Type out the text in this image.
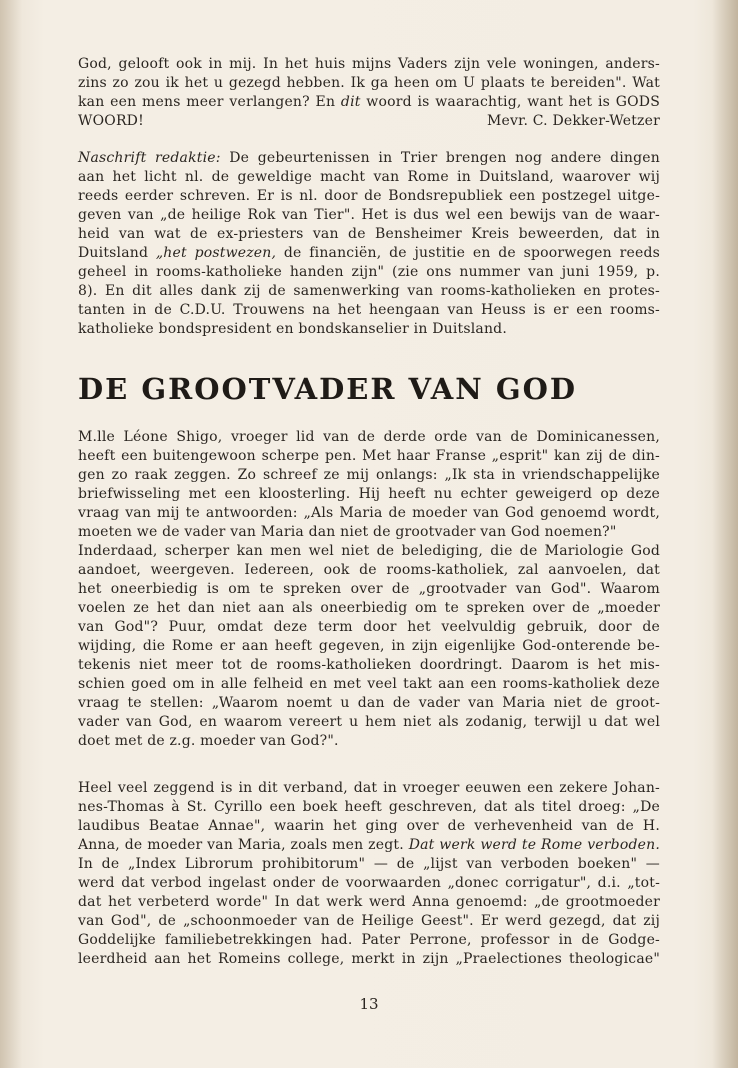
God, gelooft ook in mij. In het huis mijns Vaders zijn vele woningen, anders-
zins zo zou ik het u gezegd hebben. Ik ga heen om U plaats te bereiden". Wat
kan een mens meer verlangen? En dit woord is waarachtig, want het is GODS
WOORD!	Mevr. C. Dekker-Wetzer
Naschrift redaktie: De gebeurtenissen in Trier brengen nog andere dingen
aan het licht nl. de geweldige macht van Rome in Duitsland, waarover wij
reeds eerder schreven. Er is nl. door de Bondsrepubliek een postzegel uitge-
geven van „de heilige Rok van Tier". Het is dus wel een bewijs van de waar-
heid van wat de ex-priesters van de Bensheimer Kreis beweerden, dat in
Duitsland „het postwezen, de financiën, de justitie en de spoorwegen reeds
geheel in rooms-katholieke handen zijn" (zie ons nummer van juni 1959, p.
8). En dit alles dank zij de samenwerking van rooms-katholieken en protes-
tanten in de C.D.U. Trouwens na het heengaan van Heuss is er een rooms-
katholieke bondspresident en bondskanselier in Duitsland.
DE GROOTVADER VAN GOD
M.lle Léone Shigo, vroeger lid van de derde orde van de Dominicanessen,
heeft een buitengewoon scherpe pen. Met haar Franse „esprit" kan zij de din-
gen zo raak zeggen. Zo schreef ze mij onlangs: „Ik sta in vriendschappelijke
briefwisseling met een kloosterling. Hij heeft nu echter geweigerd op deze
vraag van mij te antwoorden: „Als Maria de moeder van God genoemd wordt,
moeten we de vader van Maria dan niet de grootvader van God noemen?"
Inderdaad, scherper kan men wel niet de belediging, die de Mariologie God
aandoet, weergeven. Iedereen, ook de rooms-katholiek, zal aanvoelen, dat
het oneerbiedig is om te spreken over de „grootvader van God". Waarom
voelen ze het dan niet aan als oneerbiedig om te spreken over de „moeder
van God"? Puur, omdat deze term door het veelvuldig gebruik, door de
wijding, die Rome er aan heeft gegeven, in zijn eigenlijke God-onterende be-
tekenis niet meer tot de rooms-katholieken doordringt. Daarom is het mis-
schien goed om in alle felheid en met veel takt aan een rooms-katholiek deze
vraag te stellen: „Waarom noemt u dan de vader van Maria niet de groot-
vader van God, en waarom vereert u hem niet als zodanig, terwijl u dat wel
doet met de z.g. moeder van God?".
Heel veel zeggend is in dit verband, dat in vroeger eeuwen een zekere Johan-
nes-Thomas à St. Cyrillo een boek heeft geschreven, dat als titel droeg: „De
laudibus Beatae Annae", waarin het ging over de verhevenheid van de H.
Anna, de moeder van Maria, zoals men zegt. Dat werk werd te Rome verboden.
In de „Index Librorum prohibitorum" — de „lijst van verboden boeken" —
werd dat verbod ingelast onder de voorwaarden „donec corrigatur", d.i. „tot-
dat het verbeterd worde" In dat werk werd Anna genoemd: „de grootmoeder
van God", de „schoonmoeder van de Heilige Geest". Er werd gezegd, dat zij
Goddelijke familiebetrekkingen had. Pater Perrone, professor in de Godge-
leerdheid aan het Romeins college, merkt in zijn „Praelectiones theologicae"
13
